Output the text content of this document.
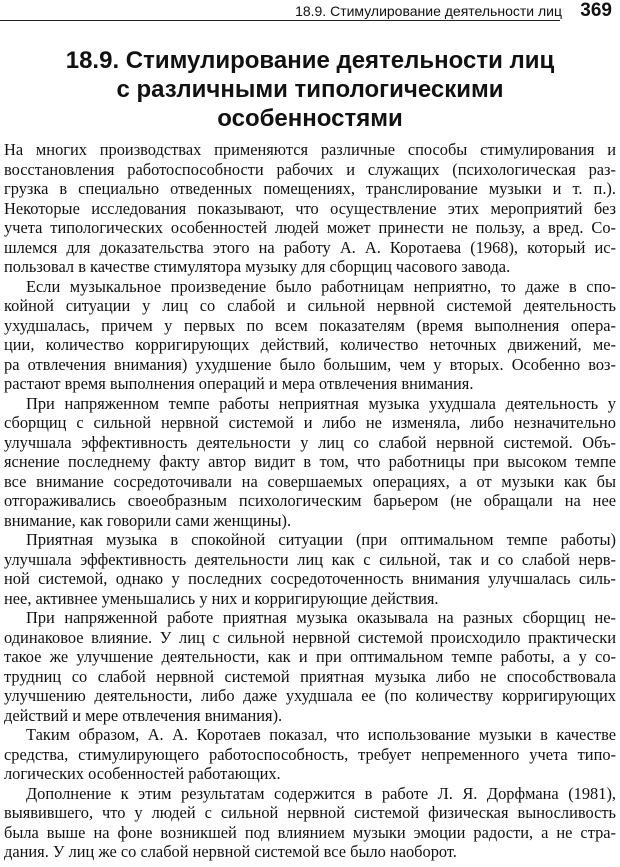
18.9. Стимулирование деятельности лиц 369
18.9. Стимулирование деятельности лиц
с различными типологическими
особенностями
На многих производствах применяются различные способы стимулирования и
восстановления работоспособности рабочих и служащих (психологическая раз-
грузка в специально отведенных помещениях, транслирование музыки и т. п.).
Некоторые исследования показывают, что осуществление этих мероприятий без
учета типологических особенностей людей может принести не пользу, а вред. Со-
шлемся для доказательства этого на работу А. А. Коротаева (1968), который ис-
пользовал в качестве стимулятора музыку для сборщиц часового завода.
Если музыкальное произведение было работницам неприятно, то даже в спо-
койной ситуации у лиц со слабой и сильной нервной системой деятельность
ухудшалась, причем у первых по всем показателям (время выполнения опера-
ции, количество корригирующих действий, количество неточных движений, ме-
ра отвлечения внимания) ухудшение было большим, чем у вторых. Особенно воз-
растают время выполнения операций и мера отвлечения внимания.
При напряженном темпе работы неприятная музыка ухудшала деятельность у
сборщиц с сильной нервной системой и либо не изменяла, либо незначительно
улучшала эффективность деятельности у лиц со слабой нервной системой. Объ-
яснение последнему факту автор видит в том, что работницы при высоком темпе
все внимание сосредоточивали на совершаемых операциях, а от музыки как бы
отгораживались своеобразным психологическим барьером (не обращали на нее
внимание, как говорили сами женщины).
Приятная музыка в спокойной ситуации (при оптимальном темпе работы)
улучшала эффективность деятельности лиц как с сильной, так и со слабой нерв-
ной системой, однако у последних сосредоточенность внимания улучшалась силь-
нее, активнее уменьшались у них и корригирующие действия.
При напряженной работе приятная музыка оказывала на разных сборщиц не-
одинаковое влияние. У лиц с сильной нервной системой происходило практически
такое же улучшение деятельности, как и при оптимальном темпе работы, а у со-
трудниц со слабой нервной системой приятная музыка либо не способствовала
улучшению деятельности, либо даже ухудшала ее (по количеству корригирующих
действий и мере отвлечения внимания).
Таким образом, А. А. Коротаев показал, что использование музыки в качестве
средства, стимулирующего работоспособность, требует непременного учета типо-
логических особенностей работающих.
Дополнение к этим результатам содержится в работе Л. Я. Дорфмана (1981),
выявившего, что у людей с сильной нервной системой физическая выносливость
была выше на фоне возникшей под влиянием музыки эмоции радости, а не стра-
дания. У лиц же со слабой нервной системой все было наоборот.
